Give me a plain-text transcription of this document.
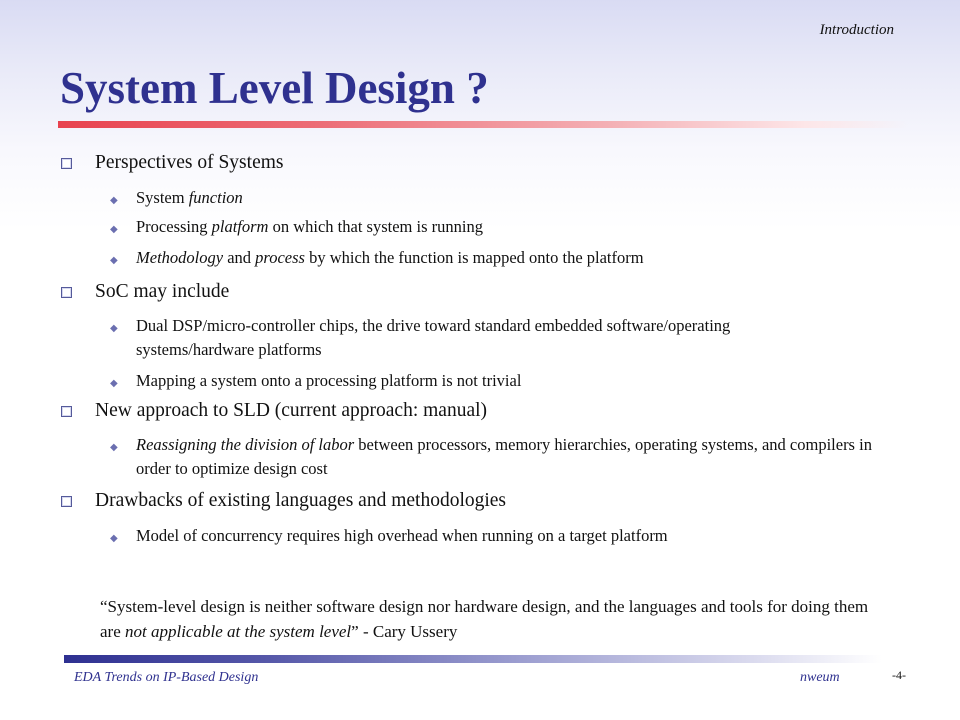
Introduction
System Level Design ?
Perspectives of Systems
◆ System function
◆ Processing platform on which that system is running
◆ Methodology and process by which the function is mapped onto the platform
SoC may include
◆ Dual DSP/micro-controller chips, the drive toward standard embedded software/operating systems/hardware platforms
◆ Mapping a system onto a processing platform is not trivial
New approach to SLD (current approach: manual)
◆ Reassigning the division of labor between processors, memory hierarchies, operating systems, and compilers in order to optimize design cost
Drawbacks of existing languages and methodologies
◆ Model of concurrency requires high overhead when running on a target platform
“System-level design is neither software design nor hardware design, and the languages and tools for doing them are not applicable at the system level” - Cary Ussery
EDA Trends on IP-Based Design	nweum	-4-
